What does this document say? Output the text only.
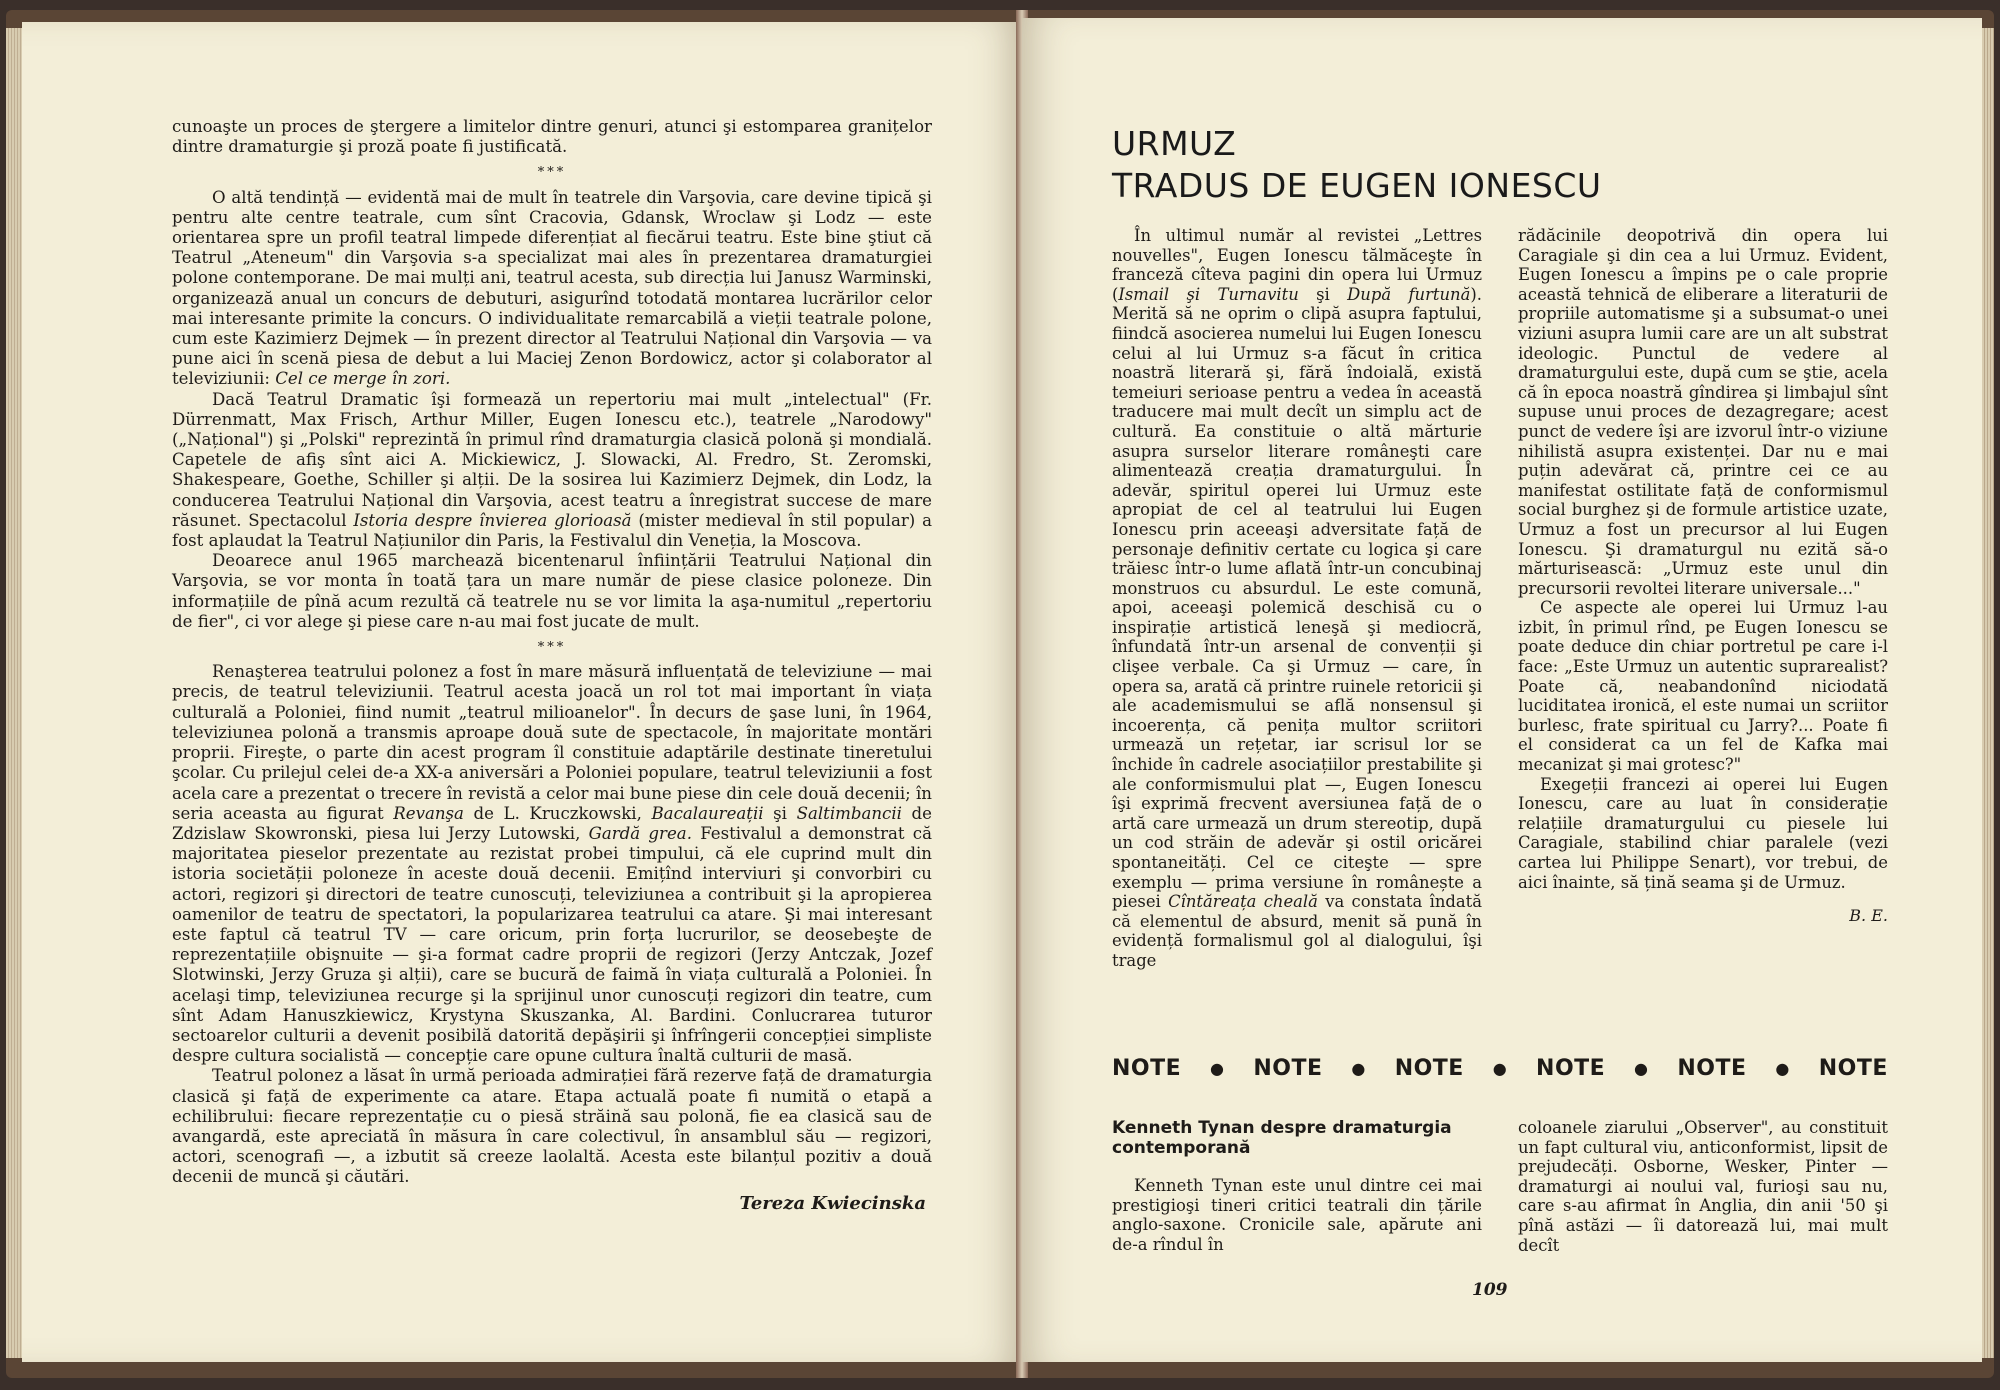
cunoaşte un proces de ştergere a limitelor dintre genuri, atunci şi estomparea granițelor dintre dramaturgie şi proză poate fi justificată.

***

O altă tendință — evidentă mai de mult în teatrele din Varşovia, care devine tipică şi pentru alte centre teatrale, cum sînt Cracovia, Gdansk, Wroclaw şi Lodz — este orientarea spre un profil teatral limpede diferențiat al fiecărui teatru. Este bine ştiut că Teatrul „Ateneum" din Varşovia s-a specializat mai ales în prezentarea dramaturgiei polone contemporane. De mai mulți ani, teatrul acesta, sub direcția lui Janusz Warminski, organizează anual un concurs de debuturi, asigurînd totodată montarea lucrărilor celor mai interesante primite la concurs. O individualitate remarcabilă a vieții teatrale polone, cum este Kazimierz Dejmek — în prezent director al Teatrului Național din Varşovia — va pune aici în scenă piesa de debut a lui Maciej Zenon Bordowicz, actor şi colaborator al televiziunii: Cel ce merge în zori.

Dacă Teatrul Dramatic îşi formează un repertoriu mai mult „intelectual" (Fr. Dürrenmatt, Max Frisch, Arthur Miller, Eugen Ionescu etc.), teatrele „Narodowy" („Național") şi „Polski" reprezintă în primul rînd dramaturgia clasică polonă şi mondială. Capetele de afiş sînt aici A. Mickiewicz, J. Slowacki, Al. Fredro, St. Zeromski, Shakespeare, Goethe, Schiller şi alții. De la sosirea lui Kazimierz Dejmek, din Lodz, la conducerea Teatrului Național din Varşovia, acest teatru a înregistrat succese de mare răsunet. Spectacolul Istoria despre învierea glorioasă (mister medieval în stil popular) a fost aplaudat la Teatrul Națiunilor din Paris, la Festivalul din Veneția, la Moscova.

Deoarece anul 1965 marchează bicentenarul înființării Teatrului Național din Varşovia, se vor monta în toată țara un mare număr de piese clasice poloneze. Din informațiile de pînă acum rezultă că teatrele nu se vor limita la aşa-numitul „repertoriu de fier", ci vor alege şi piese care n-au mai fost jucate de mult.

***

Renaşterea teatrului polonez a fost în mare măsură influențată de televiziune — mai precis, de teatrul televiziunii. Teatrul acesta joacă un rol tot mai important în viața culturală a Poloniei, fiind numit „teatrul milioanelor". În decurs de şase luni, în 1964, televiziunea polonă a transmis aproape două sute de spectacole, în majoritate montări proprii. Fireşte, o parte din acest program îl constituie adaptările destinate tineretului şcolar. Cu prilejul celei de-a XX-a aniversări a Poloniei populare, teatrul televiziunii a fost acela care a prezentat o trecere în revistă a celor mai bune piese din cele două decenii; în seria aceasta au figurat Revanşa de L. Kruczkowski, Bacalaureații şi Saltimbancii de Zdzislaw Skowronski, piesa lui Jerzy Lutowski, Gardă grea. Festivalul a demonstrat că majoritatea pieselor prezentate au rezistat probei timpului, că ele cuprind mult din istoria societății poloneze în aceste două decenii. Emițînd interviuri şi convorbiri cu actori, regizori şi directori de teatre cunoscuți, televiziunea a contribuit şi la apropierea oamenilor de teatru de spectatori, la popularizarea teatrului ca atare. Şi mai interesant este faptul că teatrul TV — care oricum, prin forța lucrurilor, se deosebeşte de reprezentațiile obişnuite — şi-a format cadre proprii de regizori (Jerzy Antczak, Jozef Slotwinski, Jerzy Gruza şi alții), care se bucură de faimă în viața culturală a Poloniei. În acelaşi timp, televiziunea recurge şi la sprijinul unor cunoscuți regizori din teatre, cum sînt Adam Hanuszkiewicz, Krystyna Skuszanka, Al. Bardini. Conlucrarea tuturor sectoarelor culturii a devenit posibilă datorită depăşirii şi înfrîngerii concepției simpliste despre cultura socialistă — concepție care opune cultura înaltă culturii de masă.

Teatrul polonez a lăsat în urmă perioada admirației fără rezerve față de dramaturgia clasică şi față de experimente ca atare. Etapa actuală poate fi numită o etapă a echilibrului: fiecare reprezentație cu o piesă străină sau polonă, fie ea clasică sau de avangardă, este apreciată în măsura în care colectivul, în ansamblul său — regizori, actori, scenografi —, a izbutit să creeze laolaltă. Acesta este bilanțul pozitiv a două decenii de muncă şi căutări.

Tereza Kwiecinska
URMUZ
TRADUS DE EUGEN IONESCU

În ultimul număr al revistei „Lettres nouvelles", Eugen Ionescu tălmăceşte în franceză cîteva pagini din opera lui Urmuz (Ismail şi Turnavitu şi După furtună). Merită să ne oprim o clipă asupra faptului, fiindcă asocierea numelui lui Eugen Ionescu celui al lui Urmuz s-a făcut în critica noastră literară şi, fără îndoială, există temeiuri serioase pentru a vedea în această traducere mai mult decît un simplu act de cultură. Ea constituie o altă mărturie asupra surselor literare româneşti care alimentează creația dramaturgului. În adevăr, spiritul operei lui Urmuz este apropiat de cel al teatrului lui Eugen Ionescu prin aceeaşi adversitate față de personaje definitiv certate cu logica şi care trăiesc într-o lume aflată într-un concubinaj monstruos cu absurdul. Le este comună, apoi, aceeaşi polemică deschisă cu o inspirație artistică leneşă şi mediocră, înfundată într-un arsenal de convenții şi clişee verbale. Ca şi Urmuz — care, în opera sa, arată că printre ruinele retoricii şi ale academismului se află nonsensul şi incoerența, că penița multor scriitori urmează un rețetar, iar scrisul lor se închide în cadrele asociațiilor prestabilite şi ale conformismului plat —, Eugen Ionescu îşi exprimă frecvent aversiunea față de o artă care urmează un drum stereotip, după un cod străin de adevăr şi ostil oricărei spontaneități. Cel ce citeşte — spre exemplu — prima versiune în românește a piesei Cîntăreața cheală va constata îndată că elementul de absurd, menit să pună în evidență formalismul gol al dialogului, îşi trage

rădăcinile deopotrivă din opera lui Caragiale şi din cea a lui Urmuz. Evident, Eugen Ionescu a împins pe o cale proprie această tehnică de eliberare a literaturii de propriile automatisme şi a subsumat-o unei viziuni asupra lumii care are un alt substrat ideologic. Punctul de vedere al dramaturgului este, după cum se ştie, acela că în epoca noastră gîndirea şi limbajul sînt supuse unui proces de dezagregare; acest punct de vedere îşi are izvorul într-o viziune nihilistă asupra existenței. Dar nu e mai puțin adevărat că, printre cei ce au manifestat ostilitate față de conformismul social burghez şi de formule artistice uzate, Urmuz a fost un precursor al lui Eugen Ionescu. Şi dramaturgul nu ezită să-o mărturisească: „Urmuz este unul din precursorii revoltei literare universale..."

Ce aspecte ale operei lui Urmuz l-au izbit, în primul rînd, pe Eugen Ionescu se poate deduce din chiar portretul pe care i-l face: „Este Urmuz un autentic suprarealist? Poate că, neabandonînd niciodată luciditatea ironică, el este numai un scriitor burlesc, frate spiritual cu Jarry?... Poate fi el considerat ca un fel de Kafka mai mecanizat şi mai grotesc?"

Exegeții francezi ai operei lui Eugen Ionescu, care au luat în considerație relațiile dramaturgului cu piesele lui Caragiale, stabilind chiar paralele (vezi cartea lui Philippe Senart), vor trebui, de aici înainte, să țină seama şi de Urmuz.

B. E.
NOTE ● NOTE ● NOTE ● NOTE ● NOTE ● NOTE
Kenneth Tynan despre dramaturgia contemporană

Kenneth Tynan este unul dintre cei mai prestigioşi tineri critici teatrali din țările anglo-saxone. Cronicile sale, apărute ani de-a rîndul în

coloanele ziarului „Observer", au constituit un fapt cultural viu, anticonformist, lipsit de prejudecăți. Osborne, Wesker, Pinter — dramaturgi ai noului val, furioşi sau nu, care s-au afirmat în Anglia, din anii '50 şi pînă astăzi — îi datorează lui, mai mult decît

109
